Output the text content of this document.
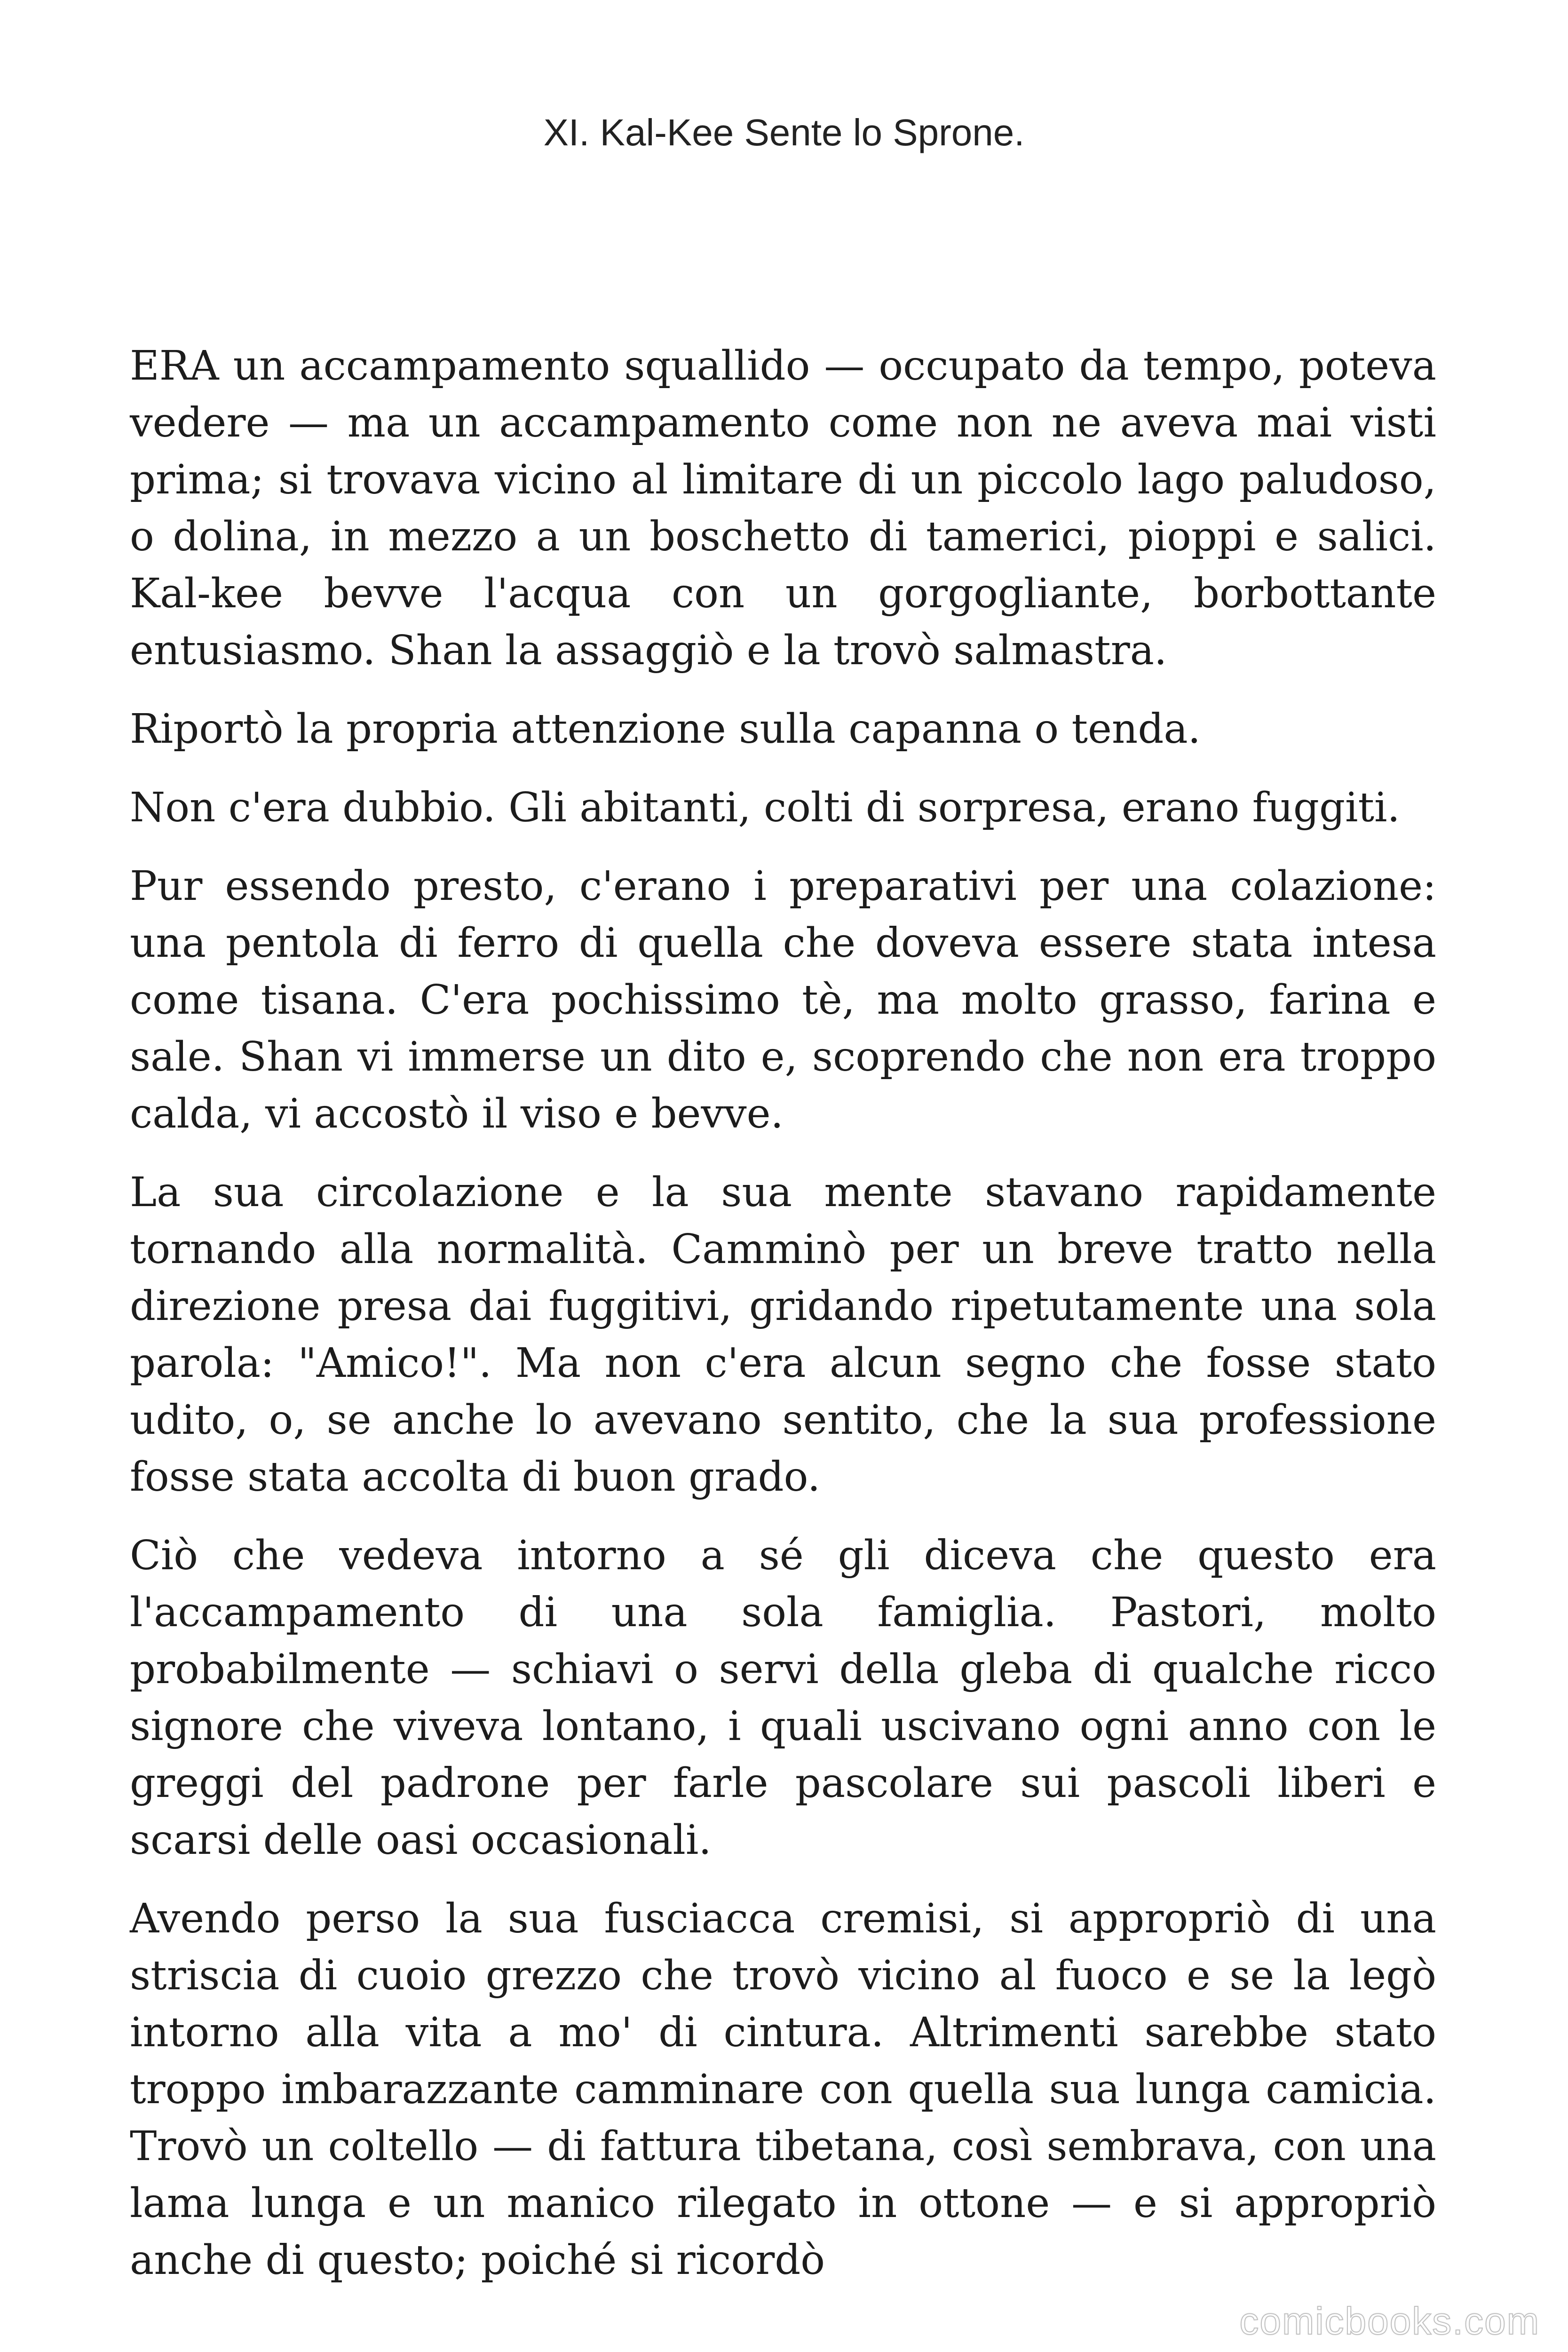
XI. Kal-Kee Sente lo Sprone.

ERA un accampamento squallido — occupato da tempo, poteva vedere — ma un accampamento come non ne aveva mai visti prima; si trovava vicino al limitare di un piccolo lago paludoso, o dolina, in mezzo a un boschetto di tamerici, pioppi e salici. Kal-kee bevve l'acqua con un gorgogliante, borbottante entusiasmo. Shan la assaggiò e la trovò salmastra.

Riportò la propria attenzione sulla capanna o tenda.

Non c'era dubbio. Gli abitanti, colti di sorpresa, erano fuggiti.

Pur essendo presto, c'erano i preparativi per una colazione: una pentola di ferro di quella che doveva essere stata intesa come tisana. C'era pochissimo tè, ma molto grasso, farina e sale. Shan vi immerse un dito e, scoprendo che non era troppo calda, vi accostò il viso e bevve.

La sua circolazione e la sua mente stavano rapidamente tornando alla normalità. Camminò per un breve tratto nella direzione presa dai fuggitivi, gridando ripetutamente una sola parola: "Amico!". Ma non c'era alcun segno che fosse stato udito, o, se anche lo avevano sentito, che la sua professione fosse stata accolta di buon grado.

Ciò che vedeva intorno a sé gli diceva che questo era l'accampamento di una sola famiglia. Pastori, molto probabilmente — schiavi o servi della gleba di qualche ricco signore che viveva lontano, i quali uscivano ogni anno con le greggi del padrone per farle pascolare sui pascoli liberi e scarsi delle oasi occasionali.

Avendo perso la sua fusciacca cremisi, si appropriò di una striscia di cuoio grezzo che trovò vicino al fuoco e se la legò intorno alla vita a mo' di cintura. Altrimenti sarebbe stato troppo imbarazzante camminare con quella sua lunga camicia. Trovò un coltello — di fattura tibetana, così sembrava, con una lama lunga e un manico rilegato in ottone — e si appropriò anche di questo; poiché si ricordò

comicbooks.com
